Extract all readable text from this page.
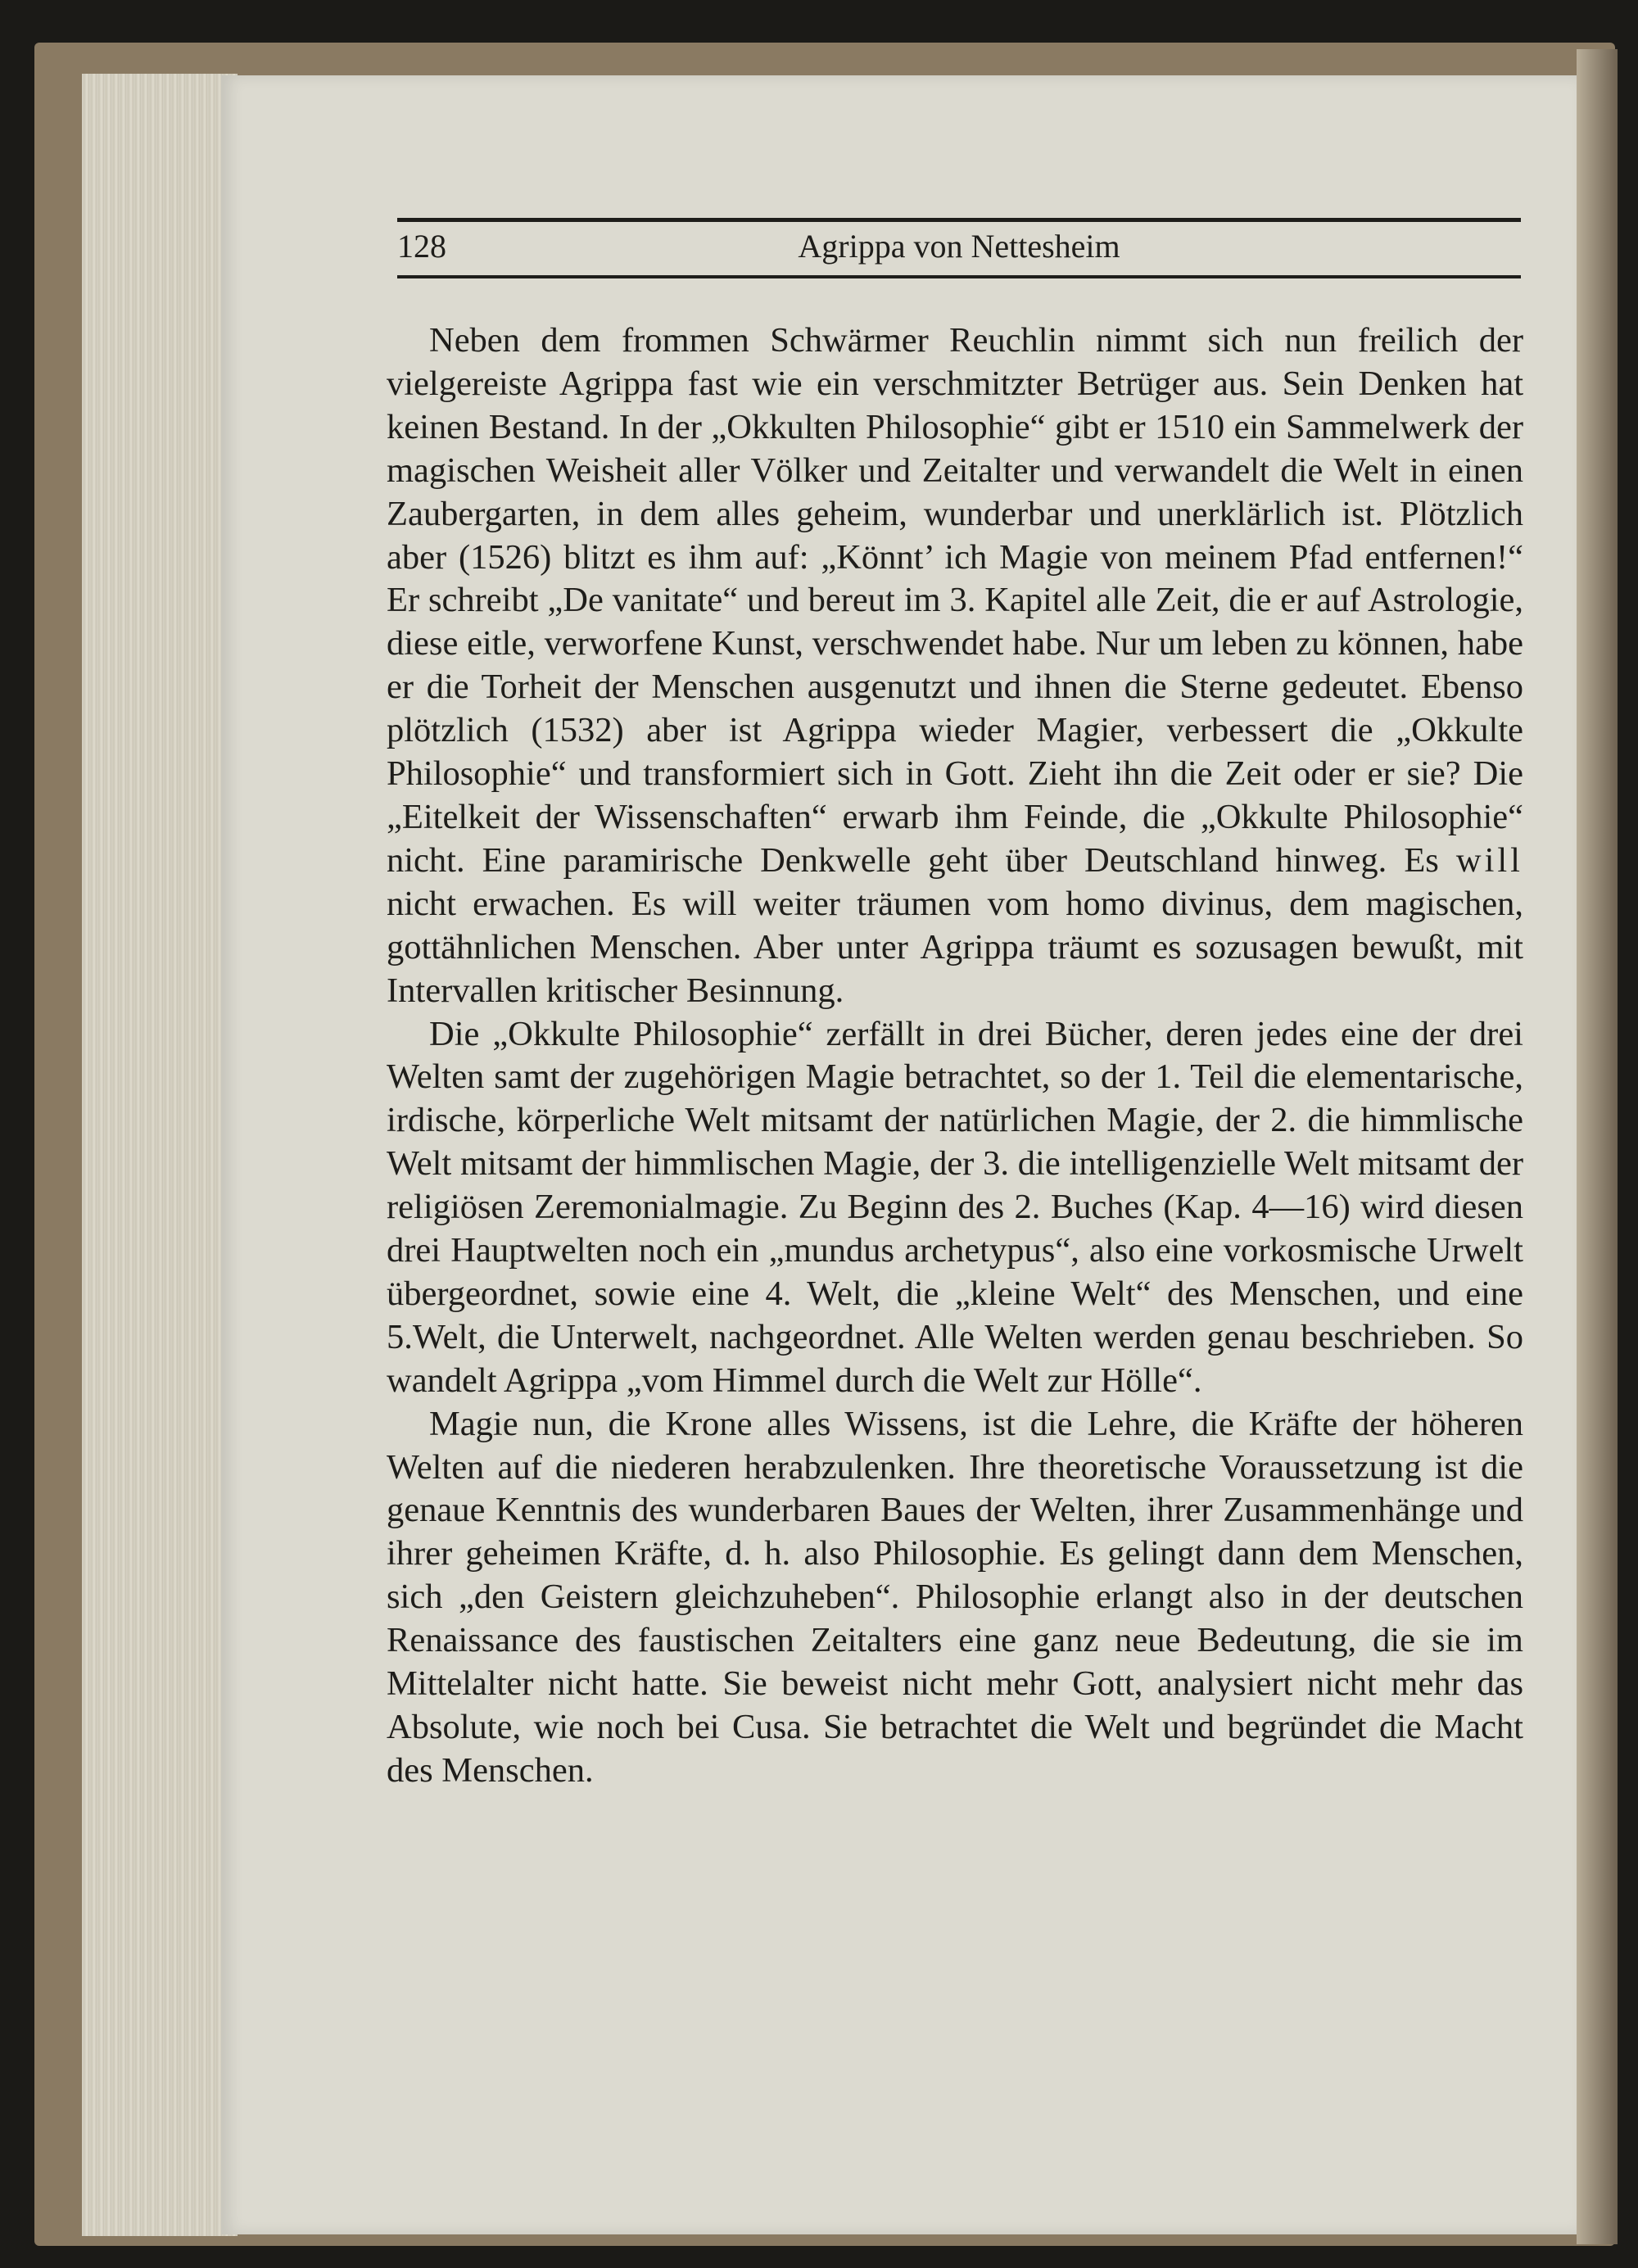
Agrippa von Nettesheim
128

Neben dem frommen Schwärmer Reuchlin nimmt sich nun freilich der vielgereiste Agrippa fast wie ein verschmitzter Betrüger aus. Sein Denken hat keinen Bestand. In der „Okkulten Philosophie“ gibt er 1510 ein Sammelwerk der magischen Weisheit aller Völker und Zeitalter und verwandelt die Welt in einen Zaubergarten, in dem alles geheim, wunderbar und unerklärlich ist. Plötzlich aber (1526) blitzt es ihm auf: „Könnt’ ich Magie von meinem Pfad entfernen!“ Er schreibt „De vanitate“ und bereut im 3. Kapitel alle Zeit, die er auf Astrologie, diese eitle, verworfene Kunst, verschwendet habe. Nur um leben zu können, habe er die Torheit der Menschen ausgenutzt und ihnen die Sterne gedeutet. Ebenso plötzlich (1532) aber ist Agrippa wieder Magier, verbessert die „Okkulte Philosophie“ und transformiert sich in Gott. Zieht ihn die Zeit oder er sie? Die „Eitelkeit der Wissenschaften“ erwarb ihm Feinde, die „Okkulte Philosophie“ nicht. Eine paramirische Denkwelle geht über Deutschland hinweg. Es will nicht erwachen. Es will weiter träumen vom homo divinus, dem magischen, gottähnlichen Menschen. Aber unter Agrippa träumt es sozusagen bewußt, mit Intervallen kritischer Besinnung.

Die „Okkulte Philosophie“ zerfällt in drei Bücher, deren jedes eine der drei Welten samt der zugehörigen Magie betrachtet, so der 1. Teil die elementarische, irdische, körperliche Welt mitsamt der natürlichen Magie, der 2. die himmlische Welt mitsamt der himmlischen Magie, der 3. die intelligenzielle Welt mitsamt der religiösen Zeremonialmagie. Zu Beginn des 2. Buches (Kap. 4—16) wird diesen drei Hauptwelten noch ein „mundus archetypus“, also eine vorkosmische Urwelt übergeordnet, sowie eine 4. Welt, die „kleine Welt“ des Menschen, und eine 5.Welt, die Unterwelt, nachgeordnet. Alle Welten werden genau beschrieben. So wandelt Agrippa „vom Himmel durch die Welt zur Hölle“.

Magie nun, die Krone alles Wissens, ist die Lehre, die Kräfte der höheren Welten auf die niederen herabzulenken. Ihre theoretische Voraussetzung ist die genaue Kenntnis des wunderbaren Baues der Welten, ihrer Zusammenhänge und ihrer geheimen Kräfte, d. h. also Philosophie. Es gelingt dann dem Menschen, sich „den Geistern gleichzuheben“. Philosophie erlangt also in der deutschen Renaissance des faustischen Zeitalters eine ganz neue Bedeutung, die sie im Mittelalter nicht hatte. Sie beweist nicht mehr Gott, analysiert nicht mehr das Absolute, wie noch bei Cusa. Sie betrachtet die Welt und begründet die Macht des Menschen.
